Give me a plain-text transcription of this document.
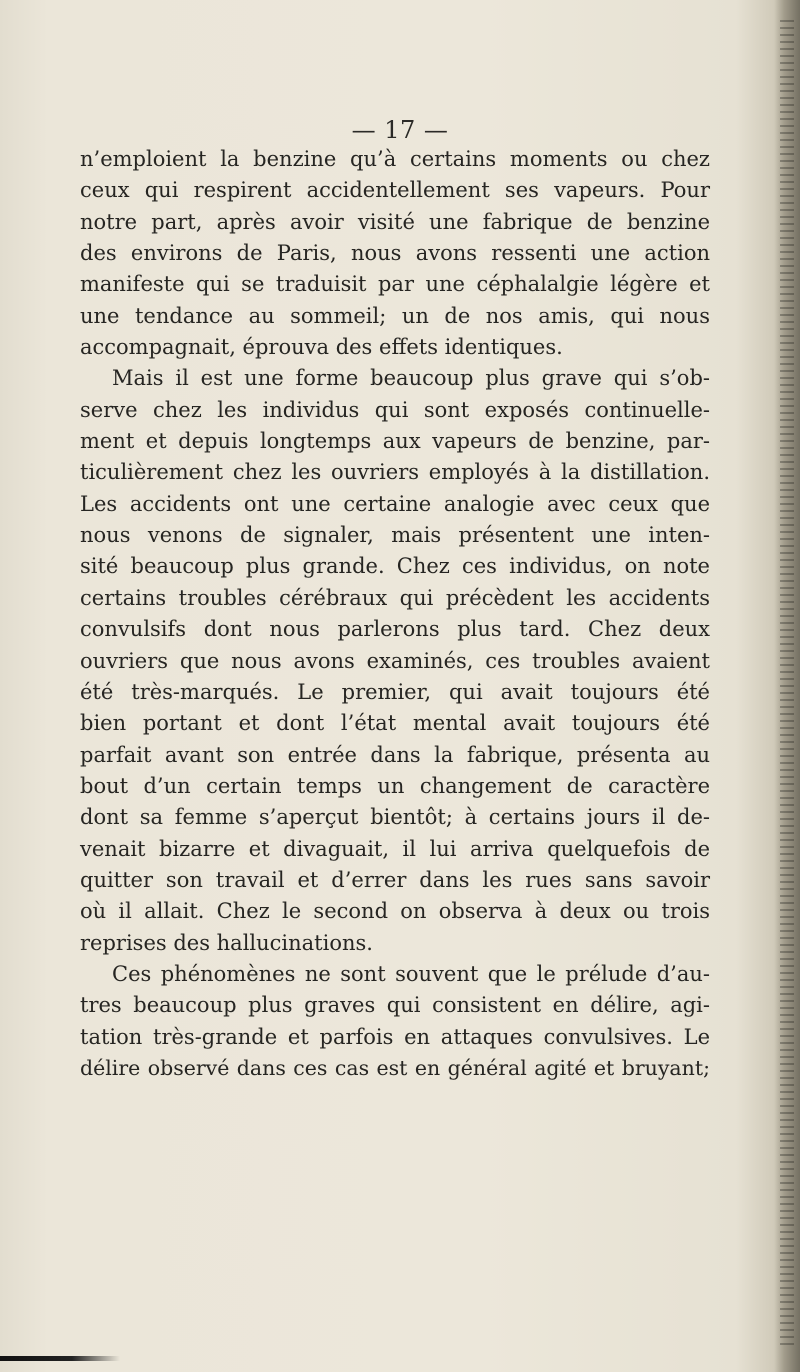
— 17 —
n’emploient la benzine qu’à certains moments ou chez
ceux qui respirent accidentellement ses vapeurs. Pour
notre part, après avoir visité une fabrique de benzine
des environs de Paris, nous avons ressenti une action
manifeste qui se traduisit par une céphalalgie légère et
une tendance au sommeil; un de nos amis, qui nous
accompagnait, éprouva des effets identiques.
Mais il est une forme beaucoup plus grave qui s’ob-
serve chez les individus qui sont exposés continuelle-
ment et depuis longtemps aux vapeurs de benzine, par-
ticulièrement chez les ouvriers employés à la distillation.
Les accidents ont une certaine analogie avec ceux que
nous venons de signaler, mais présentent une inten-
sité beaucoup plus grande. Chez ces individus, on note
certains troubles cérébraux qui précèdent les accidents
convulsifs dont nous parlerons plus tard. Chez deux
ouvriers que nous avons examinés, ces troubles avaient
été très-marqués. Le premier, qui avait toujours été
bien portant et dont l’état mental avait toujours été
parfait avant son entrée dans la fabrique, présenta au
bout d’un certain temps un changement de caractère
dont sa femme s’aperçut bientôt; à certains jours il de-
venait bizarre et divaguait, il lui arriva quelquefois de
quitter son travail et d’errer dans les rues sans savoir
où il allait. Chez le second on observa à deux ou trois
reprises des hallucinations.
Ces phénomènes ne sont souvent que le prélude d’au-
tres beaucoup plus graves qui consistent en délire, agi-
tation très-grande et parfois en attaques convulsives. Le
délire observé dans ces cas est en général agité et bruyant;
